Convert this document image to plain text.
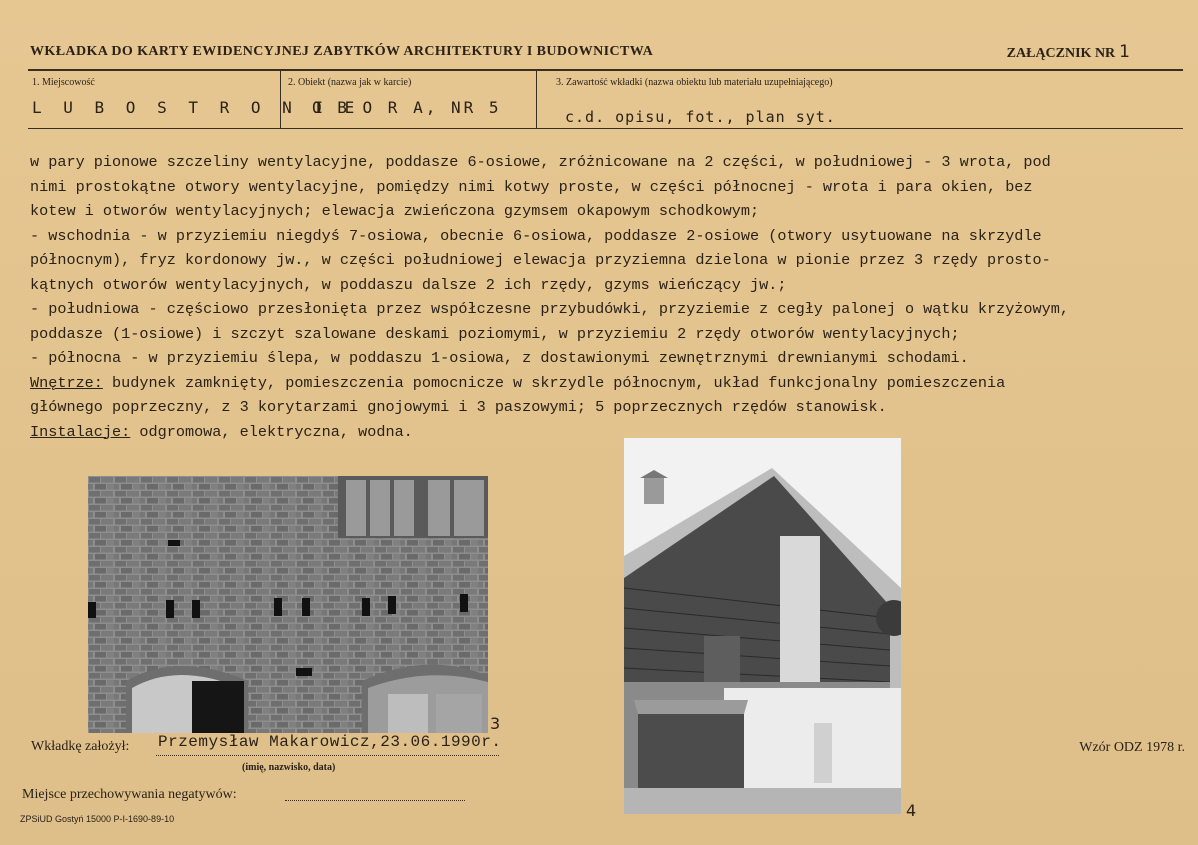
WKŁADKA DO KARTY EWIDENCYJNEJ ZABYTKÓW ARCHITEKTURY I BUDOWNICTWA	ZAŁĄCZNIK NR 1
1. Miejscowość
L U B O S T R O N I E
2. Obiekt (nazwa jak w karcie)
O B O R A, NR 5
3. Zawartość wkładki (nazwa obiektu lub materiału uzupełniającego)
c.d. opisu, fot., plan syt.
w pary pionowe szczeliny wentylacyjne, poddasze 6-osiowe, zróżnicowane na 2 części, w południowej - 3 wrota, pod
nimi prostokątne otwory wentylacyjne, pomiędzy nimi kotwy proste, w części północnej - wrota i para okien, bez
kotew i otworów wentylacyjnych; elewacja zwieńczona gzymsem okapowym schodkowym;
- wschodnia - w przyziemiu niegdyś 7-osiowa, obecnie 6-osiowa, poddasze 2-osiowe (otwory usytuowane na skrzydle
północnym), fryz kordonowy jw., w części południowej elewacja przyziemna dzielona w pionie przez 3 rzędy prosto-
kątnych otworów wentylacyjnych, w poddaszu dalsze 2 ich rzędy, gzyms wieńczący jw.;
- południowa - częściowo przesłonięta przez współczesne przybudówki, przyziemie z cegły palonej o wątku krzyżowym,
poddasze (1-osiowe) i szczyt szalowane deskami poziomymi, w przyziemiu 2 rzędy otworów wentylacyjnych;
- północna - w przyziemiu ślepa, w poddaszu 1-osiowa, z dostawionymi zewnętrznymi drewnianymi schodami.
Wnętrze: budynek zamknięty, pomieszczenia pomocnicze w skrzydle północnym, układ funkcjonalny pomieszczenia
głównego poprzeczny, z 3 korytarzami gnojowymi i 3 paszowymi; 5 poprzecznych rzędów stanowisk.
Instalacje: odgromowa, elektryczna, wodna.
3
4
Wkładkę założył: Przemysław Makarowicz,23.06.1990r.
(imię, nazwisko, data)
Miejsce przechowywania negatywów:
ZPSiUD Gostyń 15000 P-I-1690-89-10
Wzór ODZ 1978 r.
